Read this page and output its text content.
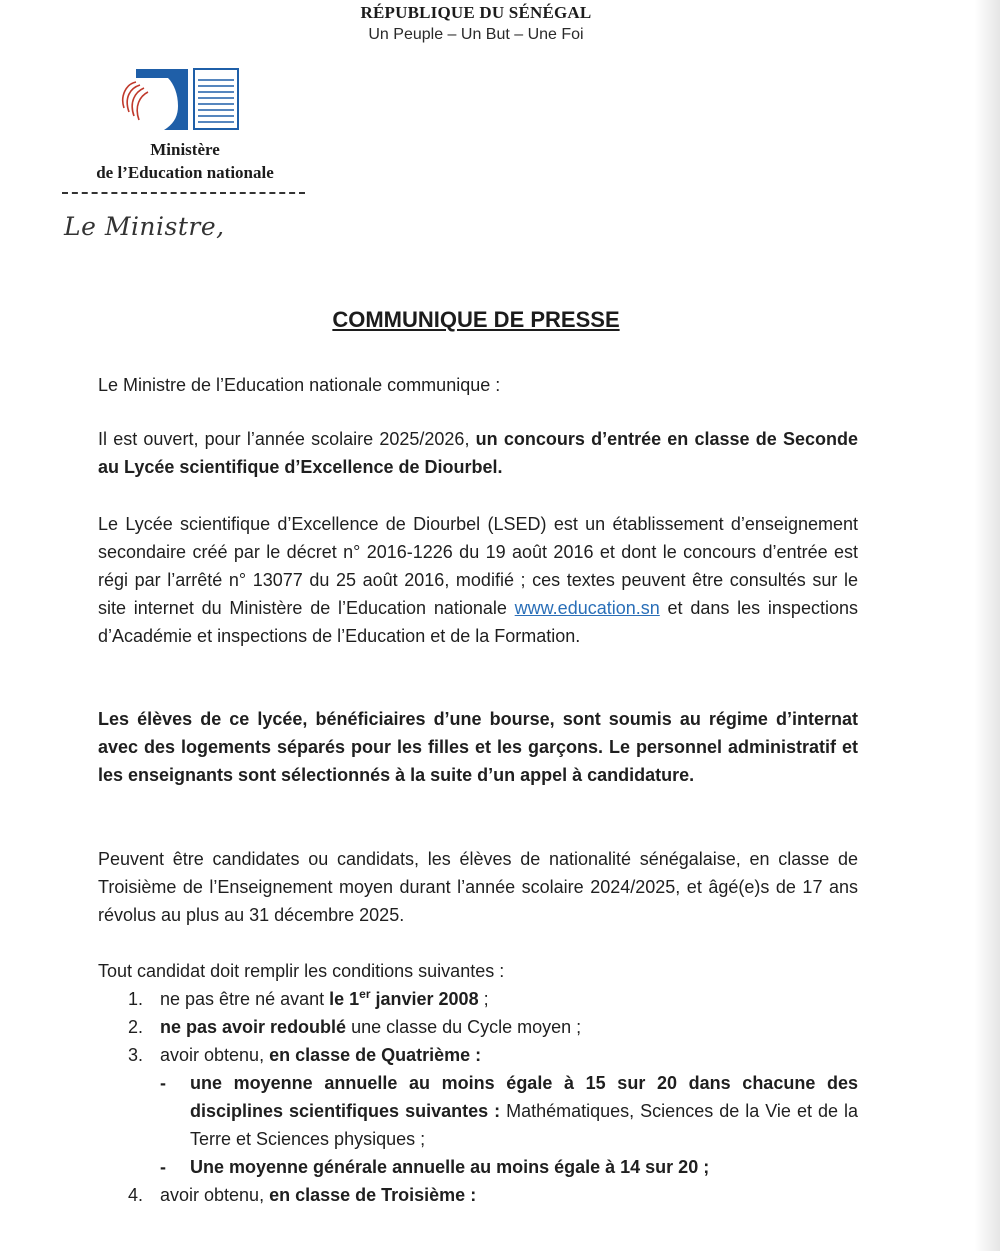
RÉPUBLIQUE DU SÉNÉGAL
Un Peuple – Un But – Une Foi
Ministère
de l’Education nationale
Le Ministre,
COMMUNIQUE DE PRESSE
Le Ministre de l’Education nationale communique :
Il est ouvert, pour l’année scolaire 2025/2026, un concours d’entrée en classe de Seconde au Lycée scientifique d’Excellence de Diourbel.
Le Lycée scientifique d’Excellence de Diourbel (LSED) est un établissement d’enseignement secondaire créé par le décret n° 2016-1226 du 19 août 2016 et dont le concours d’entrée est régi par l’arrêté n° 13077 du 25 août 2016, modifié ; ces textes peuvent être consultés sur le site internet du Ministère de l’Education nationale www.education.sn et dans les inspections d’Académie et inspections de l’Education et de la Formation.
Les élèves de ce lycée, bénéficiaires d’une bourse, sont soumis au régime d’internat avec des logements séparés pour les filles et les garçons. Le personnel administratif et les enseignants sont sélectionnés à la suite d’un appel à candidature.
Peuvent être candidates ou candidats, les élèves de nationalité sénégalaise, en classe de Troisième de l’Enseignement moyen durant l’année scolaire 2024/2025, et âgé(e)s de 17 ans révolus au plus au 31 décembre 2025.
Tout candidat doit remplir les conditions suivantes :
1. ne pas être né avant le 1er janvier 2008 ;
2. ne pas avoir redoublé une classe du Cycle moyen ;
3. avoir obtenu, en classe de Quatrième :
-	une moyenne annuelle au moins égale à 15 sur 20 dans chacune des disciplines scientifiques suivantes : Mathématiques, Sciences de la Vie et de la Terre et Sciences physiques ;
-	Une moyenne générale annuelle au moins égale à 14 sur 20 ;
4. avoir obtenu, en classe de Troisième :
